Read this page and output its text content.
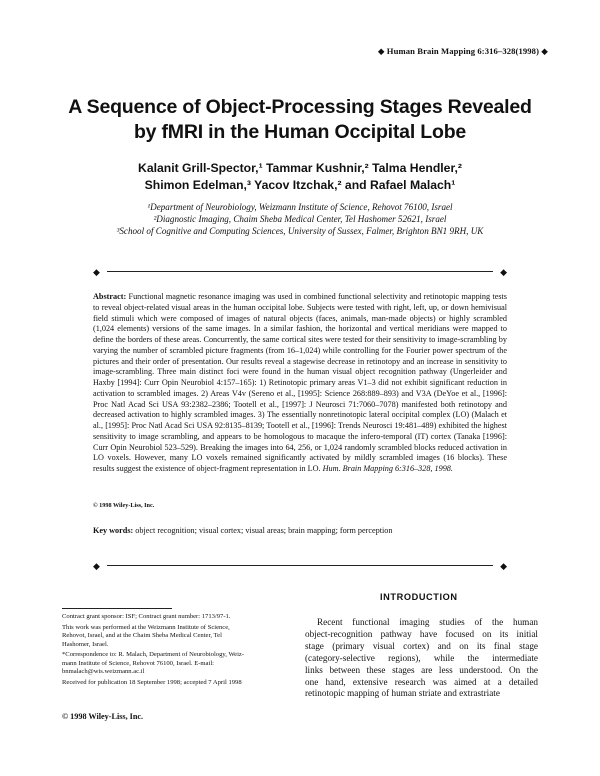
◆ Human Brain Mapping 6:316–328(1998) ◆
A Sequence of Object-Processing Stages Revealed
by fMRI in the Human Occipital Lobe
Kalanit Grill-Spector,¹ Tammar Kushnir,² Talma Hendler,²
Shimon Edelman,³ Yacov Itzchak,² and Rafael Malach¹
¹Department of Neurobiology, Weizmann Institute of Science, Rehovot 76100, Israel
²Diagnostic Imaging, Chaim Sheba Medical Center, Tel Hashomer 52621, Israel
³School of Cognitive and Computing Sciences, University of Sussex, Falmer, Brighton BN1 9RH, UK
◆	◆
Abstract: Functional magnetic resonance imaging was used in combined functional selectivity and retinotopic mapping tests to reveal object-related visual areas in the human occipital lobe. Subjects were tested with right, left, up, or down hemivisual field stimuli which were composed of images of natural objects (faces, animals, man-made objects) or highly scrambled (1,024 elements) versions of the same images. In a similar fashion, the horizontal and vertical meridians were mapped to define the borders of these areas. Concurrently, the same cortical sites were tested for their sensitivity to image-scrambling by varying the number of scrambled picture fragments (from 16–1,024) while controlling for the Fourier power spectrum of the pictures and their order of presentation. Our results reveal a stagewise decrease in retinotopy and an increase in sensitivity to image-scrambling. Three main distinct foci were found in the human visual object recognition pathway (Ungerleider and Haxby [1994]: Curr Opin Neurobiol 4:157–165): 1) Retinotopic primary areas V1–3 did not exhibit significant reduction in activation to scrambled images. 2) Areas V4v (Sereno et al., [1995]: Science 268:889–893) and V3A (DeYoe et al., [1996]: Proc Natl Acad Sci USA 93:2382–2386; Tootell et al., [1997]: J Neurosci 71:7060–7078) manifested both retinotopy and decreased activation to highly scrambled images. 3) The essentially nonretinotopic lateral occipital complex (LO) (Malach et al., [1995]: Proc Natl Acad Sci USA 92:8135–8139; Tootell et al., [1996]: Trends Neurosci 19:481–489) exhibited the highest sensitivity to image scrambling, and appears to be homologous to macaque the infero-temporal (IT) cortex (Tanaka [1996]: Curr Opin Neurobiol 523–529). Breaking the images into 64, 256, or 1,024 randomly scrambled blocks reduced activation in LO voxels. However, many LO voxels remained significantly activated by mildly scrambled images (16 blocks). These results suggest the existence of object-fragment representation in LO. Hum. Brain Mapping 6:316–328, 1998.
© 1998 Wiley-Liss, Inc.
Key words: object recognition; visual cortex; visual areas; brain mapping; form perception
◆	◆
INTRODUCTION
Recent functional imaging studies of the human
object-recognition pathway have focused on its initial
stage (primary visual cortex) and on its final stage
(category-selective regions), while the intermediate
links between these stages are less understood. On the
one hand, extensive research was aimed at a detailed
retinotopic mapping of human striate and extrastriate
Contract grant sponsor: ISF; Contract grant number: 1713/97-1.
This work was performed at the Weizmann Institute of Science,
Rehovot, Israel, and at the Chaim Sheba Medical Center, Tel
Hashomer, Israel.
*Correspondence to: R. Malach, Department of Neurobiology, Weiz-
mann Institute of Science, Rehovot 76100, Israel. E-mail:
bnmalach@wis.weizmann.ac.il
Received for publication 18 September 1998; accepted 7 April 1998
© 1998 Wiley-Liss, Inc.
